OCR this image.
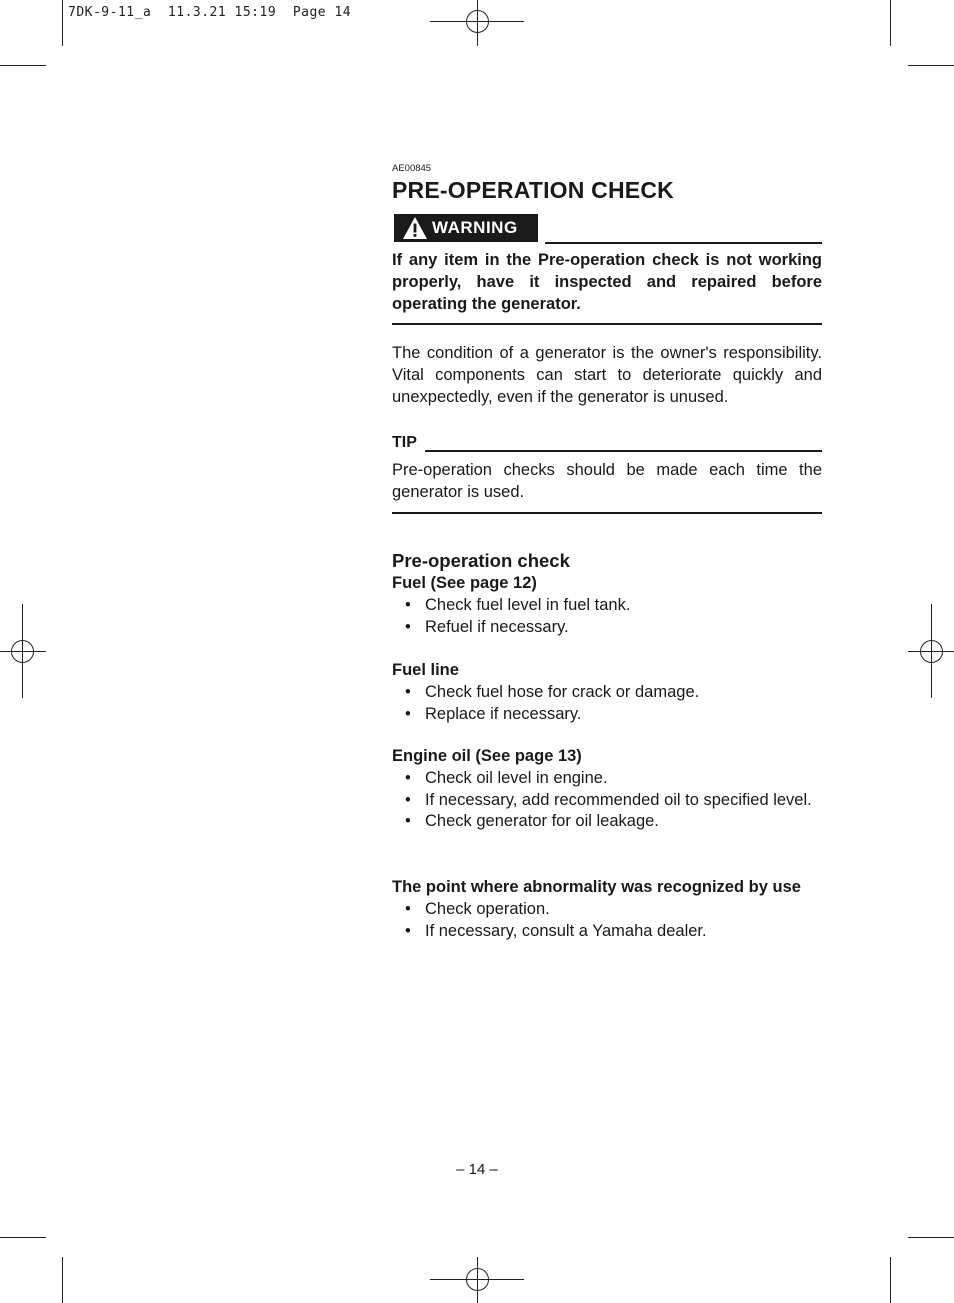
7DK-9-11_a  11.3.21 15:19  Page 14
AE00845
PRE-OPERATION CHECK
WARNING

If any item in the Pre-operation check is not working properly, have it inspected and repaired before operating the generator.

The condition of a generator is the owner's responsibility. Vital components can start to deteriorate quickly and unexpectedly, even if the generator is unused.

TIP

Pre-operation checks should be made each time the generator is used.

Pre-operation check
Fuel (See page 12)
• Check fuel level in fuel tank.
• Refuel if necessary.
Fuel line
• Check fuel hose for crack or damage.
• Replace if necessary.
Engine oil (See page 13)
• Check oil level in engine.
• If necessary, add recommended oil to specified level.
• Check generator for oil leakage.
The point where abnormality was recognized by use
• Check operation.
• If necessary, consult a Yamaha dealer.
– 14 –
